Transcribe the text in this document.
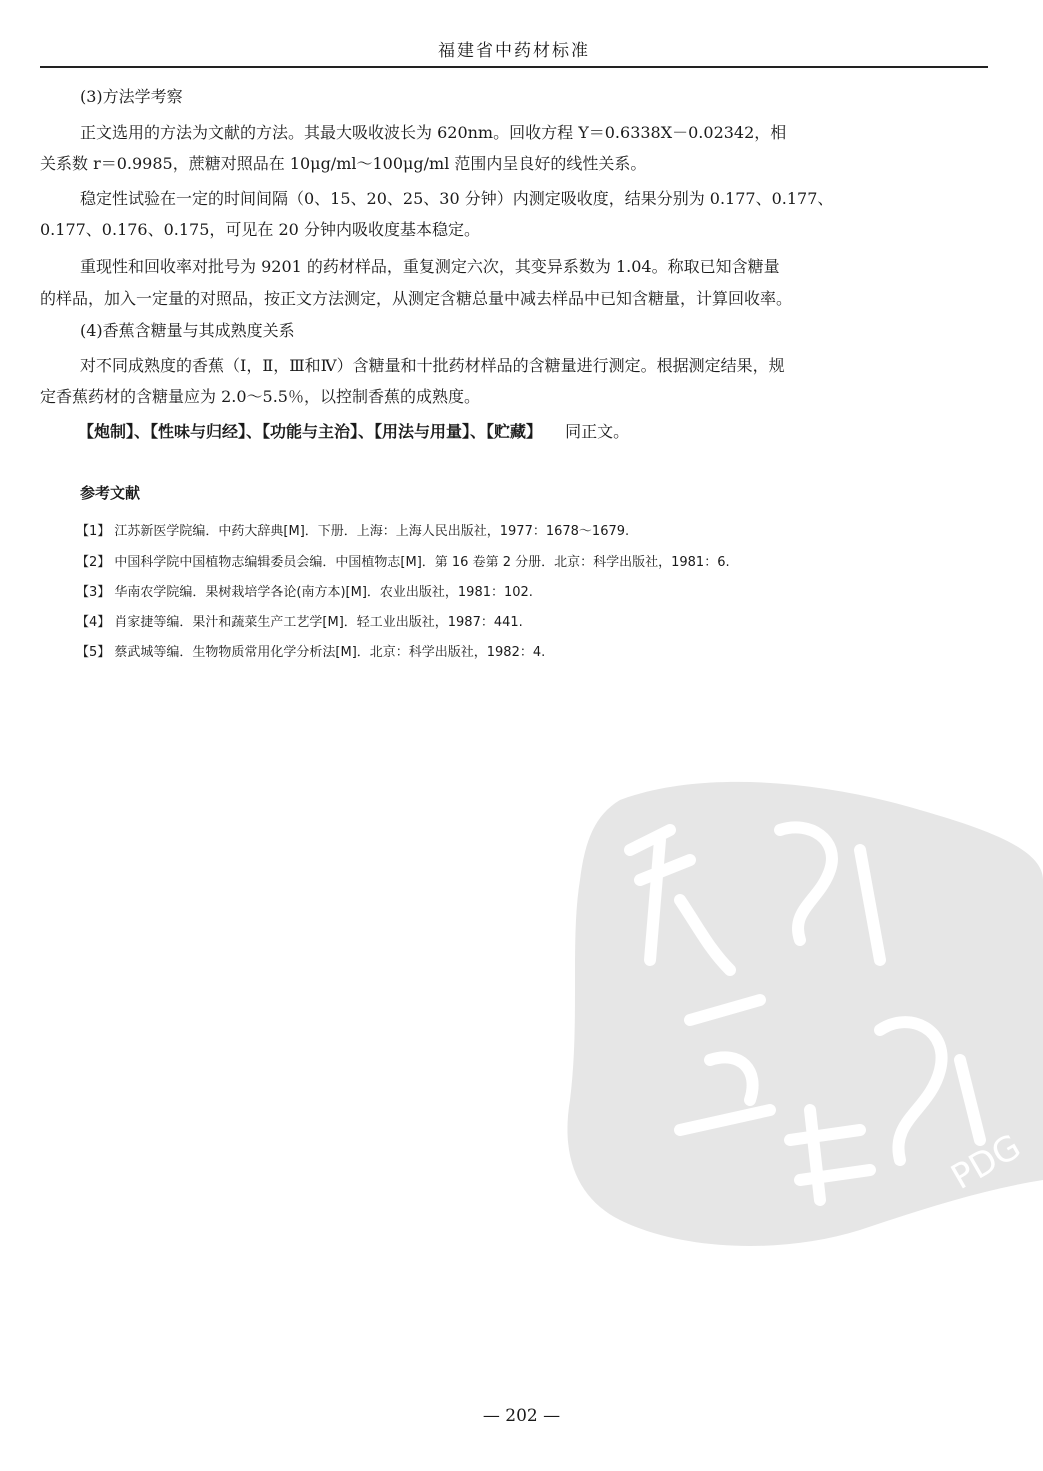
福建省中药材标准
(3)方法学考察
正文选用的方法为文献的方法。其最大吸收波长为 620nm。回收方程 Y＝0.6338X－0.02342，相
关系数 r＝0.9985，蔗糖对照品在 10μg/ml～100μg/ml 范围内呈良好的线性关系。
稳定性试验在一定的时间间隔（0、15、20、25、30 分钟）内测定吸收度，结果分别为 0.177、0.177、
0.177、0.176、0.175，可见在 20 分钟内吸收度基本稳定。
重现性和回收率对批号为 9201 的药材样品，重复测定六次，其变异系数为 1.04。称取已知含糖量
的样品，加入一定量的对照品，按正文方法测定，从测定含糖总量中减去样品中已知含糖量，计算回收率。
(4)香蕉含糖量与其成熟度关系
对不同成熟度的香蕉（Ⅰ，Ⅱ，Ⅲ和Ⅳ）含糖量和十批药材样品的含糖量进行测定。根据测定结果，规
定香蕉药材的含糖量应为 2.0～5.5％，以控制香蕉的成熟度。
【炮制】、【性味与归经】、【功能与主治】、【用法与用量】、【贮藏】 同正文。
参考文献
【1】 江苏新医学院编．中药大辞典[M]．下册．上海：上海人民出版社，1977：1678～1679.
【2】 中国科学院中国植物志编辑委员会编．中国植物志[M]．第 16 卷第 2 分册．北京：科学出版社，1981：6.
【3】 华南农学院编．果树栽培学各论(南方本)[M]．农业出版社，1981：102.
【4】 肖家捷等编．果汁和蔬菜生产工艺学[M]．轻工业出版社，1987：441.
【5】 蔡武城等编．生物物质常用化学分析法[M]．北京：科学出版社，1982：4.
PDG
— 202 —
